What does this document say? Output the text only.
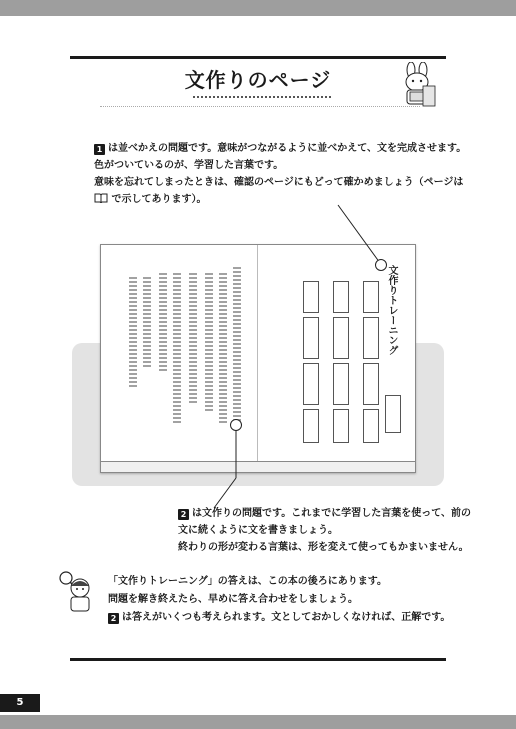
文作りのページ
1 は並べかえの問題です。意味がつながるように並べかえて、文を完成させます。
色がついているのが、学習した言葉です。
意味を忘れてしまったときは、確認のページにもどって確かめましょう（ページは
で示してあります）。
文作りトレーニング
2 は文作りの問題です。これまでに学習した言葉を使って、前の
文に続くように文を書きましょう。
終わりの形が変わる言葉は、形を変えて使ってもかまいません。
「文作りトレーニング」の答えは、この本の後ろにあります。
問題を解き終えたら、早めに答え合わせをしましょう。
2 は答えがいくつも考えられます。文としておかしくなければ、正解です。
5
